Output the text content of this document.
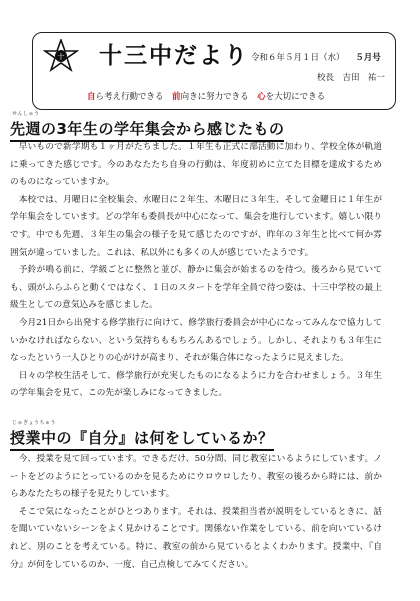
十 十三中だより 令和６年５月１日（水） ５月号
校長　吉田　祐一
自ら考え行動できる　 前向きに努力できる　 心を大切にできる
せんしゅう
先週の3年生の学年集会から感じたもの

早いもので新学期も１ヶ月がたちました。１年生も正式に部活動に加わり、学校全体が軌道に乗ってきた感じです。今のあなたたち自身の行動は、年度初めに立てた目標を達成するためのものになっていますか。

本校では、月曜日に全校集会、水曜日に２年生、木曜日に３年生、そして金曜日に１年生が学年集会をしています。どの学年も委員長が中心になって、集会を進行しています。嬉しい限りです。中でも先週、３年生の集会の様子を見て感じたのですが、昨年の３年生と比べて何か雰囲気が違っていました。これは、私以外にも多くの人が感じていたようです。

予鈴が鳴る前に、学級ごとに整然と並び、静かに集会が始まるのを待つ。後ろから見ていても、頭がふらふらと動くではなく、１日のスタートを学年全員で待つ姿は、十三中学校の最上級生としての意気込みを感じました。

今月21日から出発する修学旅行に向けて、修学旅行委員会が中心になってみんなで協力していかなければならない、という気持ちももちろんあるでしょう。しかし、それよりも３年生になったという一人ひとりの心がけが高まり、それが集合体になったように見えました。

日々の学校生活そして、修学旅行が充実したものになるように力を合わせましょう。３年生の学年集会を見て、この先が楽しみになってきました。

じゅぎょうちゅう
授業中の『自分』は何をしているか？

今、授業を見て回っています。できるだけ、50分間、同じ教室にいるようにしています。ノートをどのようにとっているのかを見るためにウロウロしたり、教室の後ろから時には、前からあなたたちの様子を見たりしています。

そこで気になったことがひとつあります。それは、授業担当者が説明をしているときに、話を聞いていないシーンをよく見かけることです。関係ない作業をしている、前を向いているけれど、別のことを考えている。特に、教室の前から見ているとよくわかります。授業中、『自分』が何をしているのか、一度、自己点検してみてください。
